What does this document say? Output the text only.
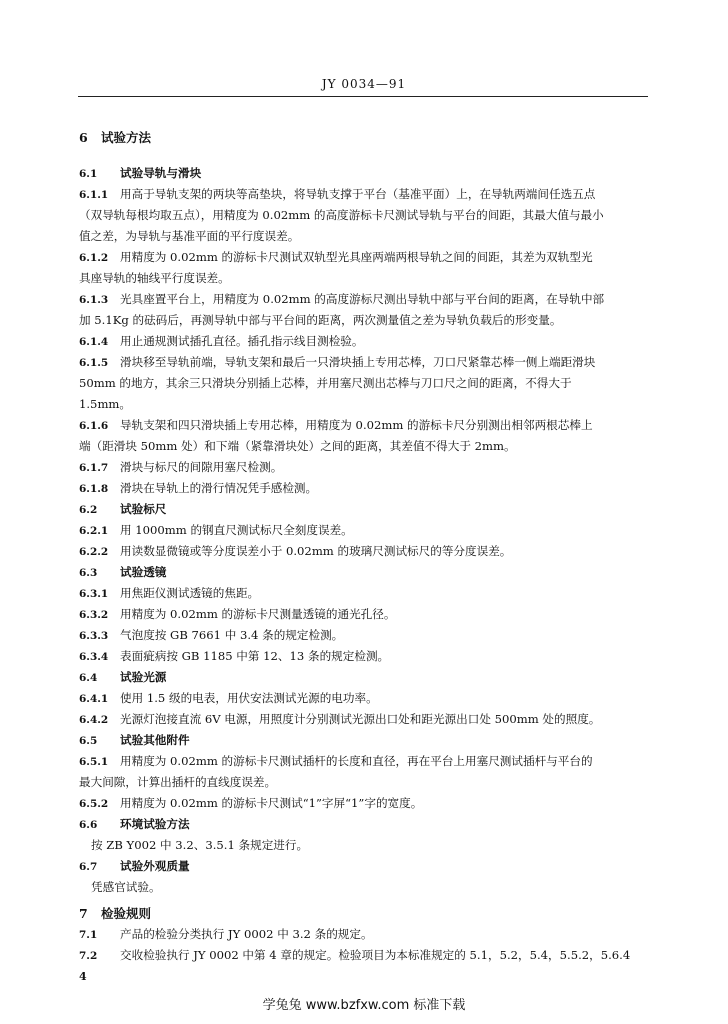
JY 0034—91
6 试验方法
6.1 试验导轨与滑块
6.1.1 用高于导轨支架的两块等高垫块，将导轨支撑于平台（基准平面）上，在导轨两端间任选五点
（双导轨每根均取五点），用精度为 0.02mm 的高度游标卡尺测试导轨与平台的间距，其最大值与最小
值之差，为导轨与基准平面的平行度误差。
6.1.2 用精度为 0.02mm 的游标卡尺测试双轨型光具座两端两根导轨之间的间距，其差为双轨型光
具座导轨的轴线平行度误差。
6.1.3 光具座置平台上，用精度为 0.02mm 的高度游标尺测出导轨中部与平台间的距离，在导轨中部
加 5.1Kg 的砝码后，再测导轨中部与平台间的距离，两次测量值之差为导轨负载后的形变量。
6.1.4 用止通规测试插孔直径。插孔指示线目测检验。
6.1.5 滑块移至导轨前端，导轨支架和最后一只滑块插上专用芯棒，刀口尺紧靠芯棒一侧上端距滑块
50mm 的地方，其余三只滑块分别插上芯棒，并用塞尺测出芯棒与刀口尺之间的距离，不得大于
1.5mm。
6.1.6 导轨支架和四只滑块插上专用芯棒，用精度为 0.02mm 的游标卡尺分别测出相邻两根芯棒上
端（距滑块 50mm 处）和下端（紧靠滑块处）之间的距离，其差值不得大于 2mm。
6.1.7 滑块与标尺的间隙用塞尺检测。
6.1.8 滑块在导轨上的滑行情况凭手感检测。
6.2 试验标尺
6.2.1 用 1000mm 的钢直尺测试标尺全刻度误差。
6.2.2 用读数显微镜或等分度误差小于 0.02mm 的玻璃尺测试标尺的等分度误差。
6.3 试验透镜
6.3.1 用焦距仪测试透镜的焦距。
6.3.2 用精度为 0.02mm 的游标卡尺测量透镜的通光孔径。
6.3.3 气泡度按 GB 7661 中 3.4 条的规定检测。
6.3.4 表面疵病按 GB 1185 中第 12、13 条的规定检测。
6.4 试验光源
6.4.1 使用 1.5 级的电表，用伏安法测试光源的电功率。
6.4.2 光源灯泡接直流 6V 电源，用照度计分别测试光源出口处和距光源出口处 500mm 处的照度。
6.5 试验其他附件
6.5.1 用精度为 0.02mm 的游标卡尺测试插杆的长度和直径，再在平台上用塞尺测试插杆与平台的
最大间隙，计算出插杆的直线度误差。
6.5.2 用精度为 0.02mm 的游标卡尺测试“1”字屏“1”字的宽度。
6.6 环境试验方法
按 ZB Y002 中 3.2、3.5.1 条规定进行。
6.7 试验外观质量
凭感官试验。
7 检验规则
7.1 产品的检验分类执行 JY 0002 中 3.2 条的规定。
7.2 交收检验执行 JY 0002 中第 4 章的规定。检验项目为本标准规定的 5.1，5.2，5.4，5.5.2，5.6.4
4
学兔兔 www.bzfxw.com 标准下载
